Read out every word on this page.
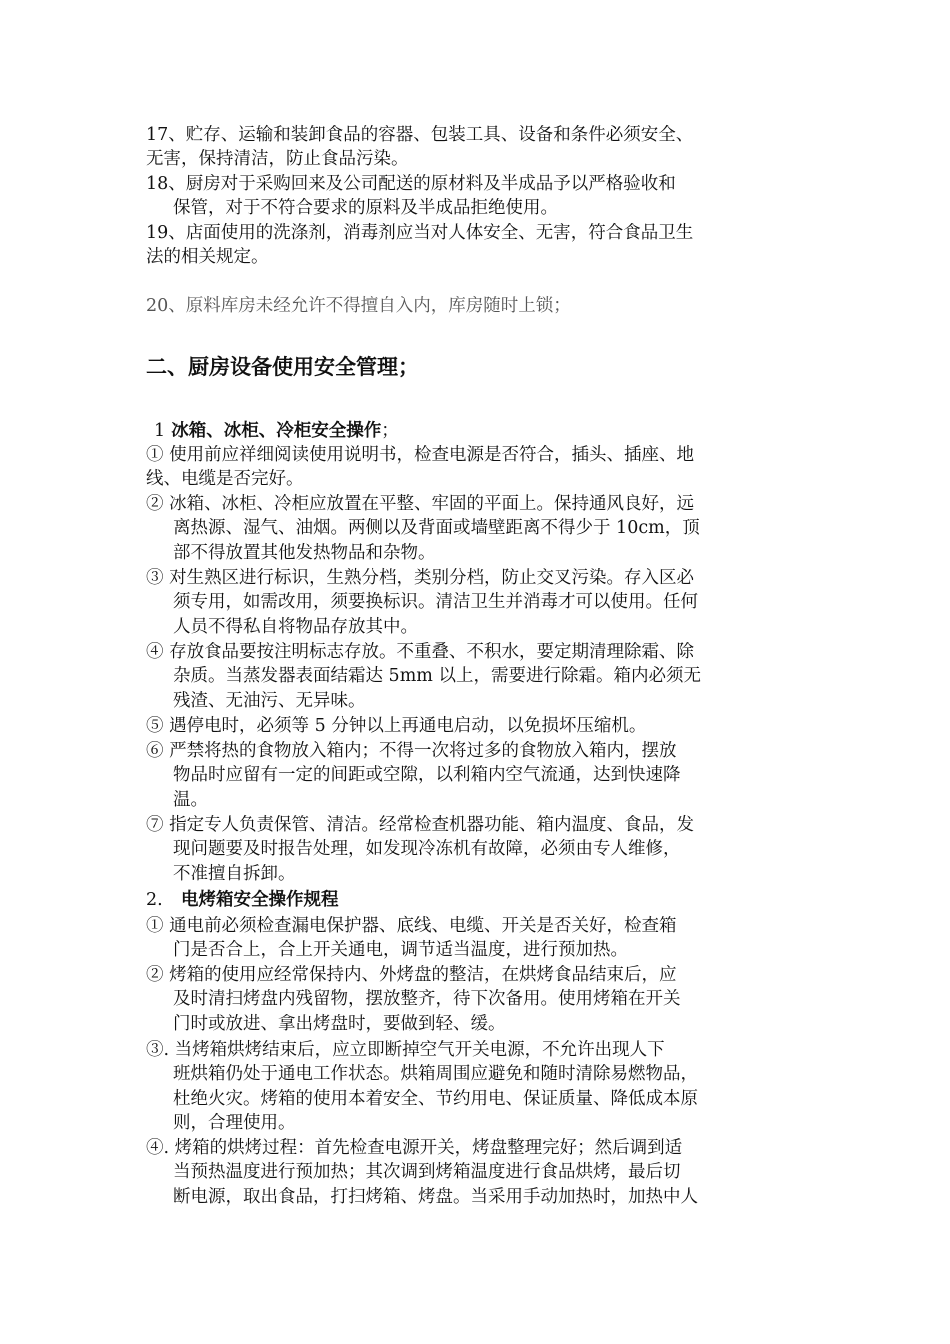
17、贮存、运输和装卸食品的容器、包装工具、设备和条件必须安全、
无害，保持清洁，防止食品污染。

18、厨房对于采购回来及公司配送的原材料及半成品予以严格验收和
保管，对于不符合要求的原料及半成品拒绝使用。

19、店面使用的洗涤剂，消毒剂应当对人体安全、无害，符合食品卫生
法的相关规定。

20、原料库房未经允许不得擅自入内，库房随时上锁；

二、厨房设备使用安全管理；
1 冰箱、冰柜、冷柜安全操作；

① 使用前应祥细阅读使用说明书，检查电源是否符合，插头、插座、地
线、电缆是否完好。

② 冰箱、冰柜、冷柜应放置在平整、牢固的平面上。保持通风良好，远
离热源、湿气、油烟。两侧以及背面或墙壁距离不得少于 10cm，顶
部不得放置其他发热物品和杂物。

③ 对生熟区进行标识，生熟分档，类别分档，防止交叉污染。存入区必
须专用，如需改用，须要换标识。清洁卫生并消毒才可以使用。任何
人员不得私自将物品存放其中。

④ 存放食品要按注明标志存放。不重叠、不积水，要定期清理除霜、除
杂质。当蒸发器表面结霜达 5mm 以上，需要进行除霜。箱内必须无
残渣、无油污、无异味。

⑤ 遇停电时，必须等 5 分钟以上再通电启动，以免损坏压缩机。

⑥ 严禁将热的食物放入箱内；不得一次将过多的食物放入箱内，摆放
物品时应留有一定的间距或空隙，以利箱内空气流通，达到快速降
温。

⑦ 指定专人负责保管、清洁。经常检查机器功能、箱内温度、食品，发
现问题要及时报告处理，如发现冷冻机有故障，必须由专人维修，
不准擅自拆卸。

2. 电烤箱安全操作规程

① 通电前必须检查漏电保护器、底线、电缆、开关是否关好，检查箱
门是否合上，合上开关通电，调节适当温度，进行预加热。

② 烤箱的使用应经常保持内、外烤盘的整洁，在烘烤食品结束后，应
及时清扫烤盘内残留物，摆放整齐，待下次备用。使用烤箱在开关
门时或放进、拿出烤盘时，要做到轻、缓。

③. 当烤箱烘烤结束后，应立即断掉空气开关电源，不允许出现人下
班烘箱仍处于通电工作状态。烘箱周围应避免和随时清除易燃物品，
杜绝火灾。烤箱的使用本着安全、节约用电、保证质量、降低成本原
则，合理使用。

④. 烤箱的烘烤过程：首先检查电源开关，烤盘整理完好；然后调到适
当预热温度进行预加热；其次调到烤箱温度进行食品烘烤，最后切
断电源，取出食品，打扫烤箱、烤盘。当采用手动加热时，加热中人
